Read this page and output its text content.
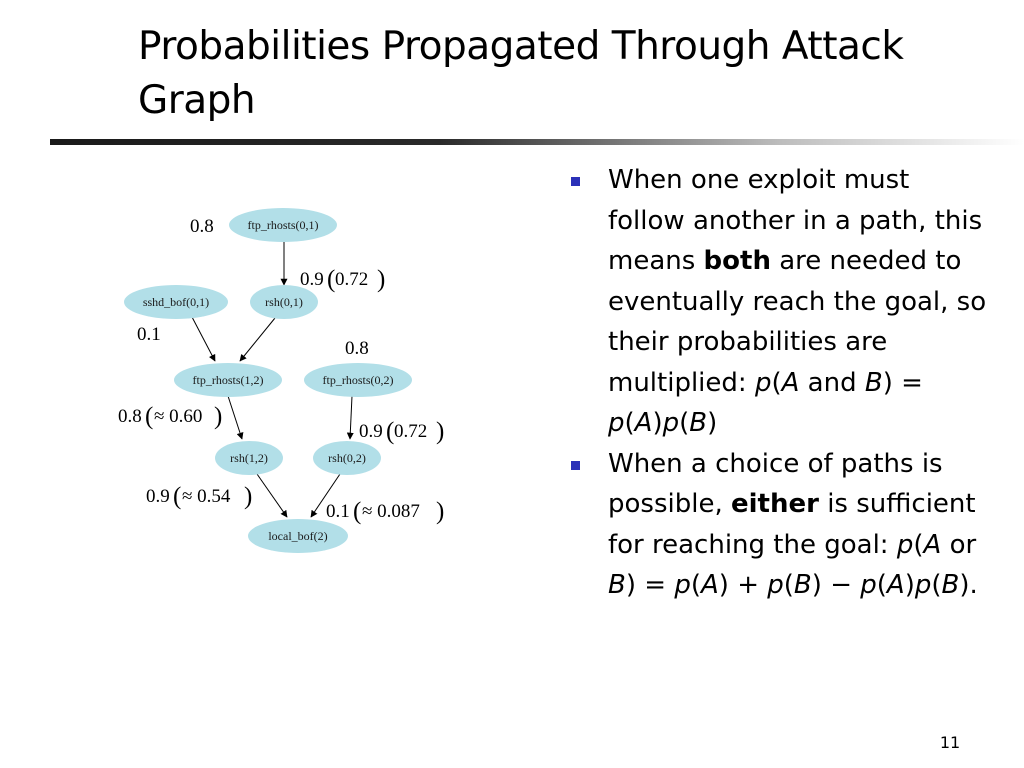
Probabilities Propagated Through Attack Graph
ftp_rhosts(0,1)
rsh(0,1)
sshd_bof(0,1)
ftp_rhosts(1,2)	ftp_rhosts(0,2)
rsh(1,2)	rsh(0,2)
local_bof(2)
0.8
0.9 ( 0.72 )
0.1
0.8
0.8 ( ≈ 0.60 )
0.9 ( 0.72 )
0.9 ( ≈ 0.54 )
0.1 ( ≈ 0.087 )
When one exploit must follow another in a path, this means both are needed to eventually reach the goal, so their probabilities are multiplied: p(A and B) = p(A)p(B)
When a choice of paths is possible, either is sufficient for reaching the goal: p(A or B) = p(A) + p(B) − p(A)p(B).
11
